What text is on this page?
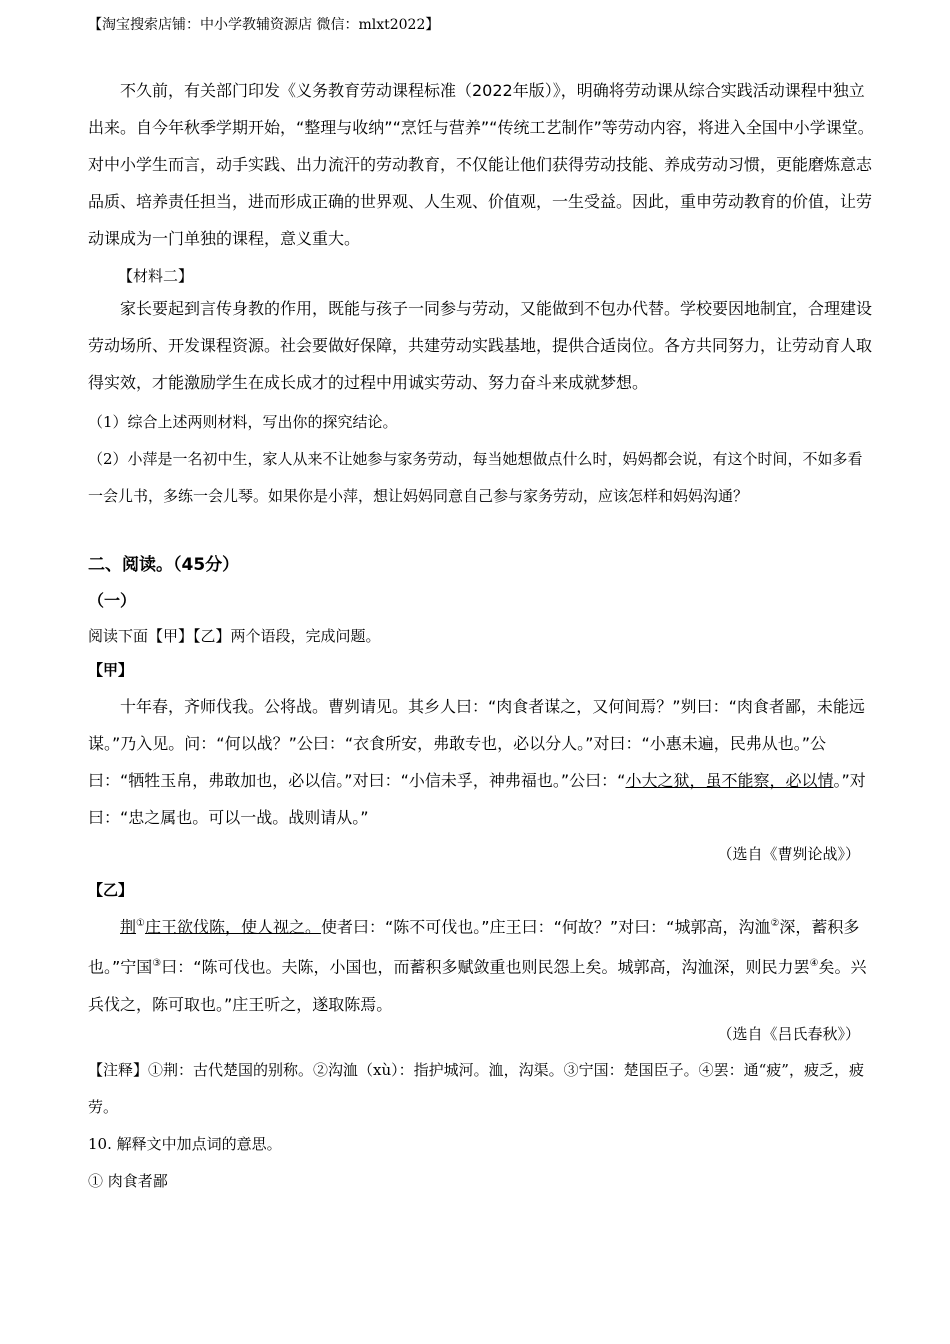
【淘宝搜索店铺：中小学教辅资源店 微信：mlxt2022】

不久前，有关部门印发《义务教育劳动课程标准（2022年版）》，明确将劳动课从综合实践活动课程中独立出来。自今年秋季学期开始，“整理与收纳”“烹饪与营养”“传统工艺制作”等劳动内容，将进入全国中小学课堂。对中小学生而言，动手实践、出力流汗的劳动教育，不仅能让他们获得劳动技能、养成劳动习惯，更能磨炼意志品质、培养责任担当，进而形成正确的世界观、人生观、价值观，一生受益。因此，重申劳动教育的价值，让劳动课成为一门单独的课程，意义重大。

【材料二】

家长要起到言传身教的作用，既能与孩子一同参与劳动，又能做到不包办代替。学校要因地制宜，合理建设劳动场所、开发课程资源。社会要做好保障，共建劳动实践基地，提供合适岗位。各方共同努力，让劳动育人取得实效，才能激励学生在成长成才的过程中用诚实劳动、努力奋斗来成就梦想。

（1）综合上述两则材料，写出你的探究结论。

（2）小萍是一名初中生，家人从来不让她参与家务劳动，每当她想做点什么时，妈妈都会说，有这个时间，不如多看一会儿书，多练一会儿琴。如果你是小萍，想让妈妈同意自己参与家务劳动，应该怎样和妈妈沟通？

二、阅读。（45分）

（一）

阅读下面【甲】【乙】两个语段，完成问题。

【甲】

十年春，齐师伐我。公将战。曹刿请见。其乡人曰：“肉食者谋之，又何间焉？”刿曰：“肉食者鄙，未能远谋。”乃入见。问：“何以战？”公曰：“衣食所安，弗敢专也，必以分人。”对曰：“小惠未遍，民弗从也。”公曰：“牺牲玉帛，弗敢加也，必以信。”对曰：“小信未孚，神弗福也。”公曰：“小大之狱，虽不能察，必以情。”对曰：“忠之属也。可以一战。战则请从。”

（选自《曹刿论战》）

【乙】

荆①庄王欲伐陈，使人视之。使者曰：“陈不可伐也。”庄王曰：“何故？”对曰：“城郭高，沟洫②深，蓄积多也。”宁国③曰：“陈可伐也。夫陈，小国也，而蓄积多赋敛重也则民怨上矣。城郭高，沟洫深，则民力罢④矣。兴兵伐之，陈可取也。”庄王听之，遂取陈焉。

（选自《吕氏春秋》）

【注释】①荆：古代楚国的别称。②沟洫（xù）：指护城河。洫，沟渠。③宁国：楚国臣子。④罢：通“疲”，疲乏，疲劳。

10. 解释文中加点词的意思。

① 肉食者鄙
